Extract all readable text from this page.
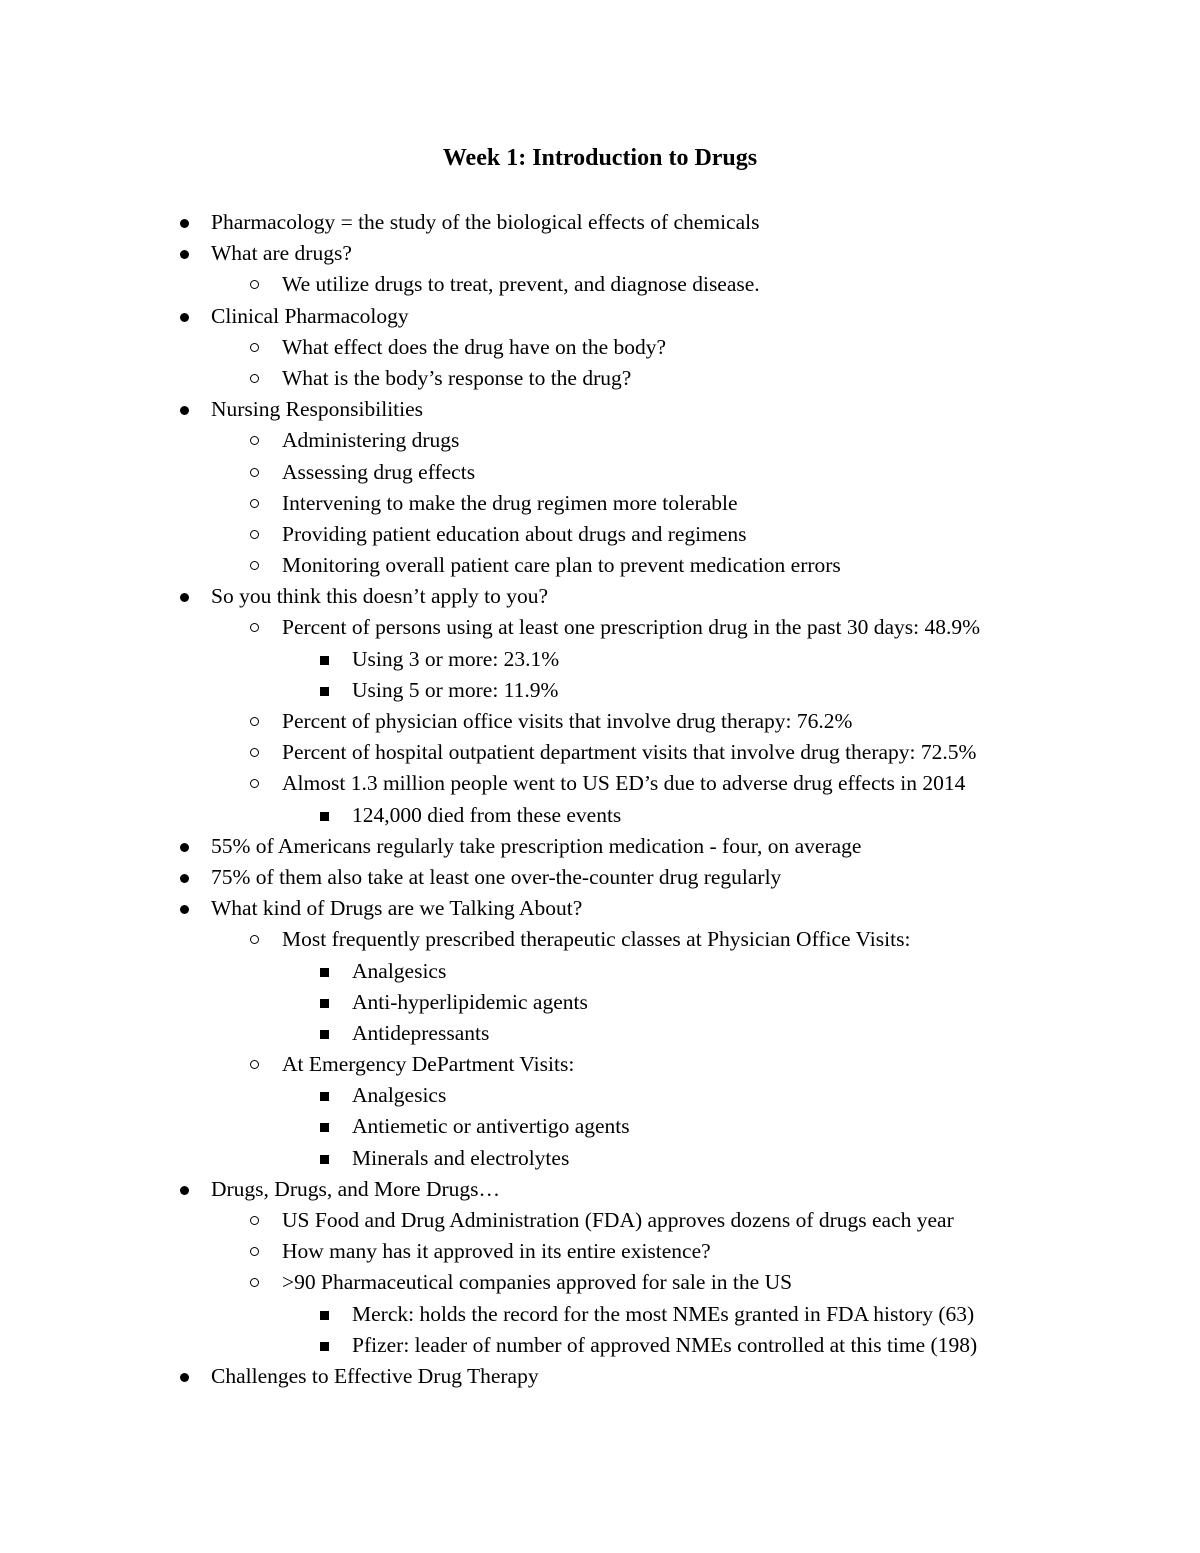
Week 1: Introduction to Drugs
Pharmacology = the study of the biological effects of chemicals
What are drugs?
We utilize drugs to treat, prevent, and diagnose disease.
Clinical Pharmacology
What effect does the drug have on the body?
What is the body’s response to the drug?
Nursing Responsibilities
Administering drugs
Assessing drug effects
Intervening to make the drug regimen more tolerable
Providing patient education about drugs and regimens
Monitoring overall patient care plan to prevent medication errors
So you think this doesn’t apply to you?
Percent of persons using at least one prescription drug in the past 30 days: 48.9%
Using 3 or more: 23.1%
Using 5 or more: 11.9%
Percent of physician office visits that involve drug therapy: 76.2%
Percent of hospital outpatient department visits that involve drug therapy: 72.5%
Almost 1.3 million people went to US ED’s due to adverse drug effects in 2014
124,000 died from these events
55% of Americans regularly take prescription medication - four, on average
75% of them also take at least one over-the-counter drug regularly
What kind of Drugs are we Talking About?
Most frequently prescribed therapeutic classes at Physician Office Visits:
Analgesics
Anti-hyperlipidemic agents
Antidepressants
At Emergency DePartment Visits:
Analgesics
Antiemetic or antivertigo agents
Minerals and electrolytes
Drugs, Drugs, and More Drugs…
US Food and Drug Administration (FDA) approves dozens of drugs each year
How many has it approved in its entire existence?
>90 Pharmaceutical companies approved for sale in the US
Merck: holds the record for the most NMEs granted in FDA history (63)
Pfizer: leader of number of approved NMEs controlled at this time (198)
Challenges to Effective Drug Therapy
